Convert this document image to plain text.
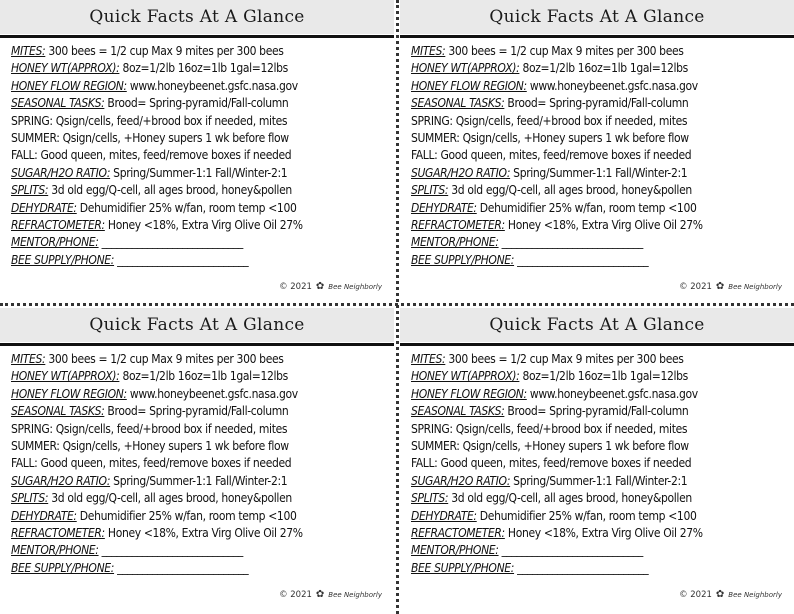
Quick Facts At A Glance
MITES: 300 bees = 1/2 cup Max 9 mites per 300 bees
HONEY WT(APPROX): 8oz=1/2lb 16oz=1lb 1gal=12lbs
HONEY FLOW REGION: www.honeybeenet.gsfc.nasa.gov
SEASONAL TASKS: Brood= Spring-pyramid/Fall-column
SPRING: Qsign/cells, feed/+brood box if needed, mites
SUMMER: Qsign/cells, +Honey supers 1 wk before flow
FALL: Good queen, mites, feed/remove boxes if needed
SUGAR/H2O RATIO: Spring/Summer-1:1 Fall/Winter-2:1
SPLITS: 3d old egg/Q-cell, all ages brood, honey&pollen
DEHYDRATE: Dehumidifier 25% w/fan, room temp <100
REFRACTOMETER: Honey <18%, Extra Virg Olive Oil 27%
MENTOR/PHONE: ____________________________
BEE SUPPLY/PHONE: __________________________
© 2021 ✿ Bee Neighborly
Quick Facts At A Glance
MITES: 300 bees = 1/2 cup Max 9 mites per 300 bees
HONEY WT(APPROX): 8oz=1/2lb 16oz=1lb 1gal=12lbs
HONEY FLOW REGION: www.honeybeenet.gsfc.nasa.gov
SEASONAL TASKS: Brood= Spring-pyramid/Fall-column
SPRING: Qsign/cells, feed/+brood box if needed, mites
SUMMER: Qsign/cells, +Honey supers 1 wk before flow
FALL: Good queen, mites, feed/remove boxes if needed
SUGAR/H2O RATIO: Spring/Summer-1:1 Fall/Winter-2:1
SPLITS: 3d old egg/Q-cell, all ages brood, honey&pollen
DEHYDRATE: Dehumidifier 25% w/fan, room temp <100
REFRACTOMETER: Honey <18%, Extra Virg Olive Oil 27%
MENTOR/PHONE: ____________________________
BEE SUPPLY/PHONE: __________________________
© 2021 ✿ Bee Neighborly
Quick Facts At A Glance
MITES: 300 bees = 1/2 cup Max 9 mites per 300 bees
HONEY WT(APPROX): 8oz=1/2lb 16oz=1lb 1gal=12lbs
HONEY FLOW REGION: www.honeybeenet.gsfc.nasa.gov
SEASONAL TASKS: Brood= Spring-pyramid/Fall-column
SPRING: Qsign/cells, feed/+brood box if needed, mites
SUMMER: Qsign/cells, +Honey supers 1 wk before flow
FALL: Good queen, mites, feed/remove boxes if needed
SUGAR/H2O RATIO: Spring/Summer-1:1 Fall/Winter-2:1
SPLITS: 3d old egg/Q-cell, all ages brood, honey&pollen
DEHYDRATE: Dehumidifier 25% w/fan, room temp <100
REFRACTOMETER: Honey <18%, Extra Virg Olive Oil 27%
MENTOR/PHONE: ____________________________
BEE SUPPLY/PHONE: __________________________
© 2021 ✿ Bee Neighborly
Quick Facts At A Glance
MITES: 300 bees = 1/2 cup Max 9 mites per 300 bees
HONEY WT(APPROX): 8oz=1/2lb 16oz=1lb 1gal=12lbs
HONEY FLOW REGION: www.honeybeenet.gsfc.nasa.gov
SEASONAL TASKS: Brood= Spring-pyramid/Fall-column
SPRING: Qsign/cells, feed/+brood box if needed, mites
SUMMER: Qsign/cells, +Honey supers 1 wk before flow
FALL: Good queen, mites, feed/remove boxes if needed
SUGAR/H2O RATIO: Spring/Summer-1:1 Fall/Winter-2:1
SPLITS: 3d old egg/Q-cell, all ages brood, honey&pollen
DEHYDRATE: Dehumidifier 25% w/fan, room temp <100
REFRACTOMETER: Honey <18%, Extra Virg Olive Oil 27%
MENTOR/PHONE: ____________________________
BEE SUPPLY/PHONE: __________________________
© 2021 ✿ Bee Neighborly
